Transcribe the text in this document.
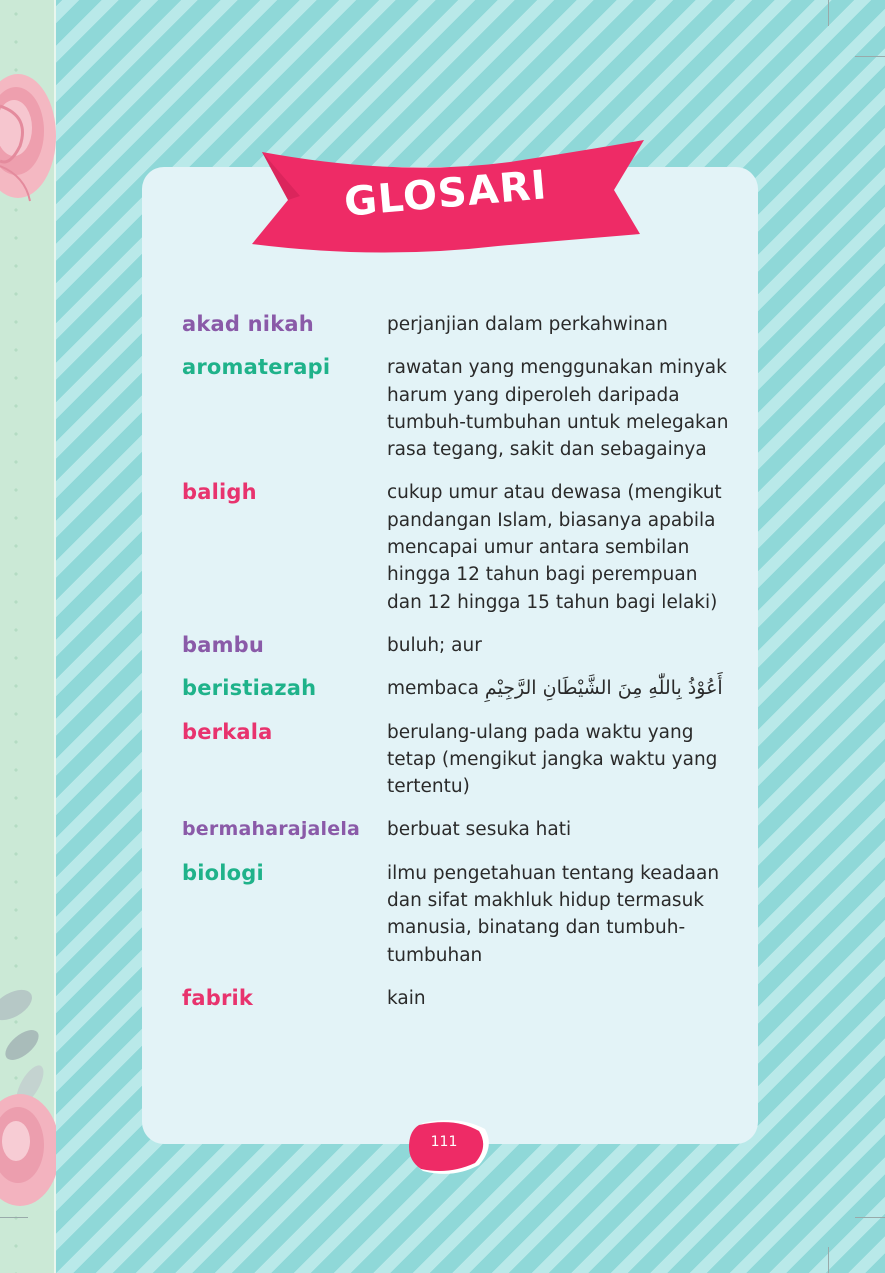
GLOSARI
akad nikah	perjanjian dalam perkahwinan
aromaterapi	rawatan yang menggunakan minyak harum yang diperoleh daripada tumbuh-tumbuhan untuk melegakan rasa tegang, sakit dan sebagainya
baligh	cukup umur atau dewasa (mengikut pandangan Islam, biasanya apabila mencapai umur antara sembilan hingga 12 tahun bagi perempuan dan 12 hingga 15 tahun bagi lelaki)
bambu	buluh; aur
beristiazah	membaca أَعُوْذُ بِاللّٰهِ مِنَ الشَّيْطَانِ الرَّجِيْمِ
berkala	berulang-ulang pada waktu yang tetap (mengikut jangka waktu yang tertentu)
bermaharajalela	berbuat sesuka hati
biologi	ilmu pengetahuan tentang keadaan dan sifat makhluk hidup termasuk manusia, binatang dan tumbuh-tumbuhan
fabrik	kain
111
